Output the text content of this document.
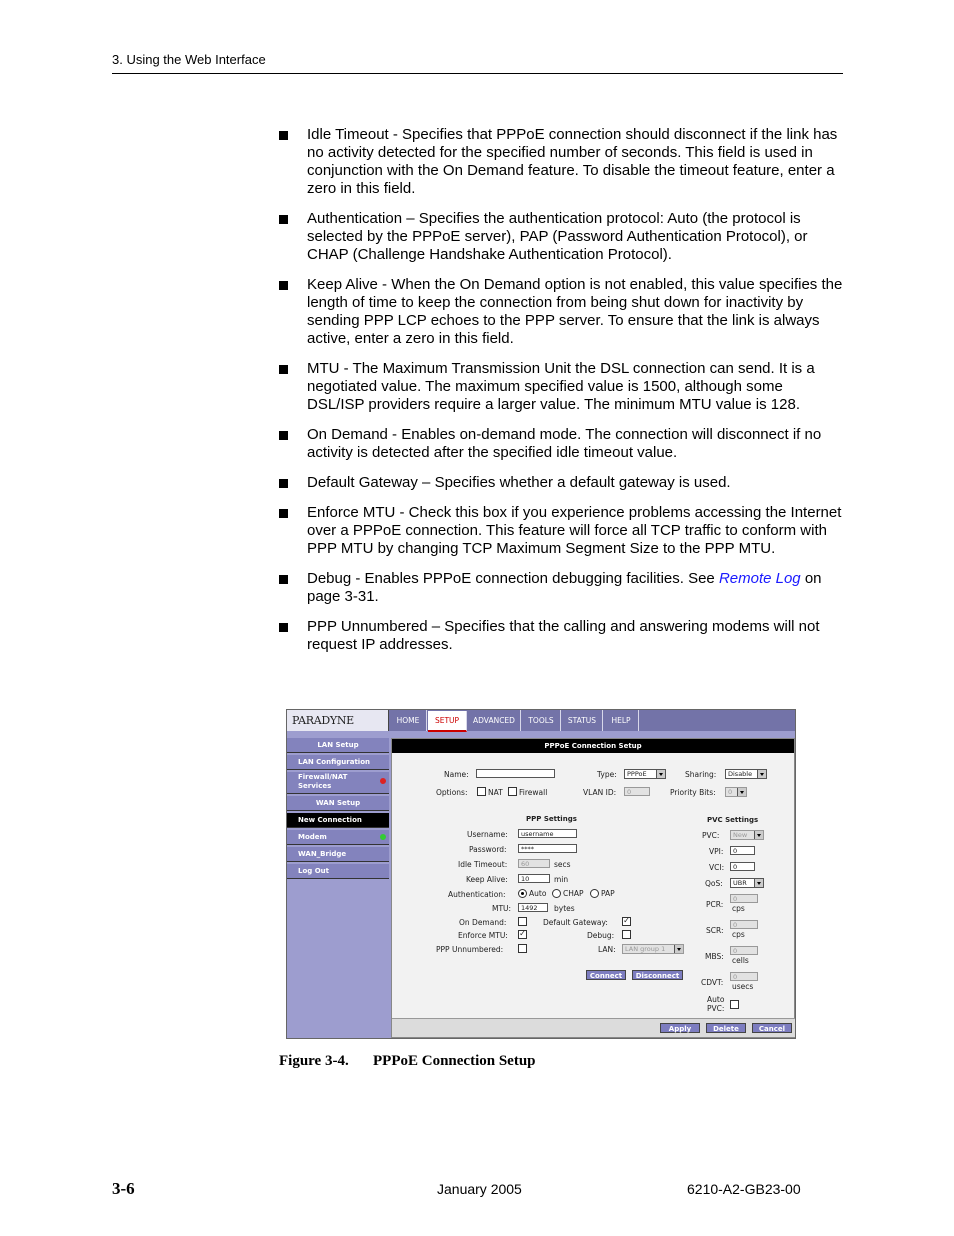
3. Using the Web Interface
Idle Timeout - Specifies that PPPoE connection should disconnect if the link has no activity detected for the specified number of seconds. This field is used in conjunction with the On Demand feature. To disable the timeout feature, enter a zero in this field.
Authentication – Specifies the authentication protocol: Auto (the protocol is selected by the PPPoE server), PAP (Password Authentication Protocol), or CHAP (Challenge Handshake Authentication Protocol).
Keep Alive - When the On Demand option is not enabled, this value specifies the length of time to keep the connection from being shut down for inactivity by sending PPP LCP echoes to the PPP server. To ensure that the link is always active, enter a zero in this field.
MTU - The Maximum Transmission Unit the DSL connection can send. It is a negotiated value. The maximum specified value is 1500, although some DSL/ISP providers require a larger value. The minimum MTU value is 128.
On Demand - Enables on-demand mode. The connection will disconnect if no activity is detected after the specified idle timeout value.
Default Gateway – Specifies whether a default gateway is used.
Enforce MTU - Check this box if you experience problems accessing the Internet over a PPPoE connection. This feature will force all TCP traffic to conform with PPP MTU by changing TCP Maximum Segment Size to the PPP MTU.
Debug - Enables PPPoE connection debugging facilities. See Remote Log on page 3-31.
PPP Unnumbered – Specifies that the calling and answering modems will not request IP addresses.
PARADYNE	HOME	SETUP	ADVANCED	TOOLS	STATUS	HELP
LAN Setup
LAN Configuration
Firewall/NAT Services
WAN Setup
New Connection
Modem
WAN_Bridge
Log Out
PPPoE Connection Setup
Name:	Type:	PPPoE	Sharing:	Disable
Options:	NAT Firewall	VLAN ID:	0	Priority Bits:	0
PPP Settings	PVC Settings
Username:	username
Password:	****
Idle Timeout:	60	secs
Keep Alive:	10	min
Authentication:	Auto CHAP PAP
MTU:	1492	bytes
On Demand:	Default Gateway: ✓
Enforce MTU: ✓	Debug:
PPP Unnumbered:	LAN:	LAN group 1
Connect	Disconnect
PVC:	New
VPI:	0
VCI:	0
QoS:	UBR
PCR:
0
cps
SCR:
0
cps
MBS:
0
cells
CDVT:
0
usecs
Auto PVC:
Apply	Delete	Cancel
Figure 3-4. PPPoE Connection Setup
3-6	January 2005	6210-A2-GB23-00
